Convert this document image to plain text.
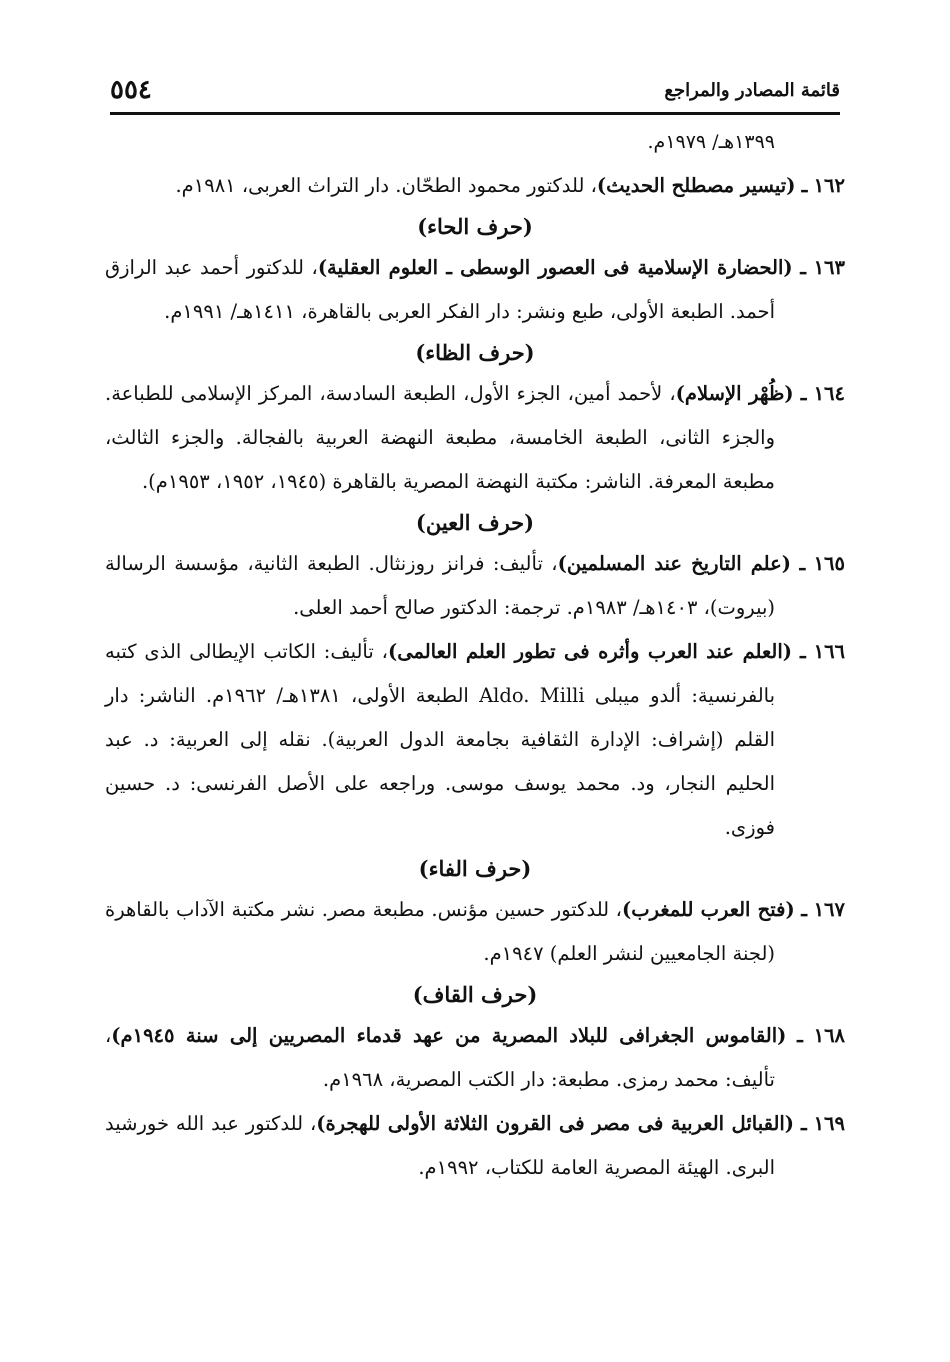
قائمة المصادر والمراجع
٥٥٤
١٣٩٩هـ/ ١٩٧٩م.
١٦٢ ـ (تيسير مصطلح الحديث)، للدكتور محمود الطحّان. دار التراث العربى، ١٩٨١م.
(حرف الحاء)
١٦٣ ـ (الحضارة الإسلامية فى العصور الوسطى ـ العلوم العقلية)، للدكتور أحمد عبد الرازق أحمد. الطبعة الأولى، طبع ونشر: دار الفكر العربى بالقاهرة، ١٤١١هـ/ ١٩٩١م.
(حرف الظاء)
١٦٤ ـ (ظُهْر الإسلام)، لأحمد أمين، الجزء الأول، الطبعة السادسة، المركز الإسلامى للطباعة. والجزء الثانى، الطبعة الخامسة، مطبعة النهضة العربية بالفجالة. والجزء الثالث، مطبعة المعرفة. الناشر: مكتبة النهضة المصرية بالقاهرة (١٩٤٥، ١٩٥٢، ١٩٥٣م).
(حرف العين)
١٦٥ ـ (علم التاريخ عند المسلمين)، تأليف: فرانز روزنثال. الطبعة الثانية، مؤسسة الرسالة (بيروت)، ١٤٠٣هـ/ ١٩٨٣م. ترجمة: الدكتور صالح أحمد العلى.
١٦٦ ـ (العلم عند العرب وأثره فى تطور العلم العالمى)، تأليف: الكاتب الإيطالى الذى كتبه بالفرنسية: ألدو ميبلى Aldo. Milli الطبعة الأولى، ١٣٨١هـ/ ١٩٦٢م. الناشر: دار القلم (إشراف: الإدارة الثقافية بجامعة الدول العربية). نقله إلى العربية: د. عبد الحليم النجار، ود. محمد يوسف موسى. وراجعه على الأصل الفرنسى: د. حسين فوزى.
(حرف الفاء)
١٦٧ ـ (فتح العرب للمغرب)، للدكتور حسين مؤنس. مطبعة مصر. نشر مكتبة الآداب بالقاهرة (لجنة الجامعيين لنشر العلم) ١٩٤٧م.
(حرف القاف)
١٦٨ ـ (القاموس الجغرافى للبلاد المصرية من عهد قدماء المصريين إلى سنة ١٩٤٥م)، تأليف: محمد رمزى. مطبعة: دار الكتب المصرية، ١٩٦٨م.
١٦٩ ـ (القبائل العربية فى مصر فى القرون الثلاثة الأولى للهجرة)، للدكتور عبد الله خورشيد البرى. الهيئة المصرية العامة للكتاب، ١٩٩٢م.
